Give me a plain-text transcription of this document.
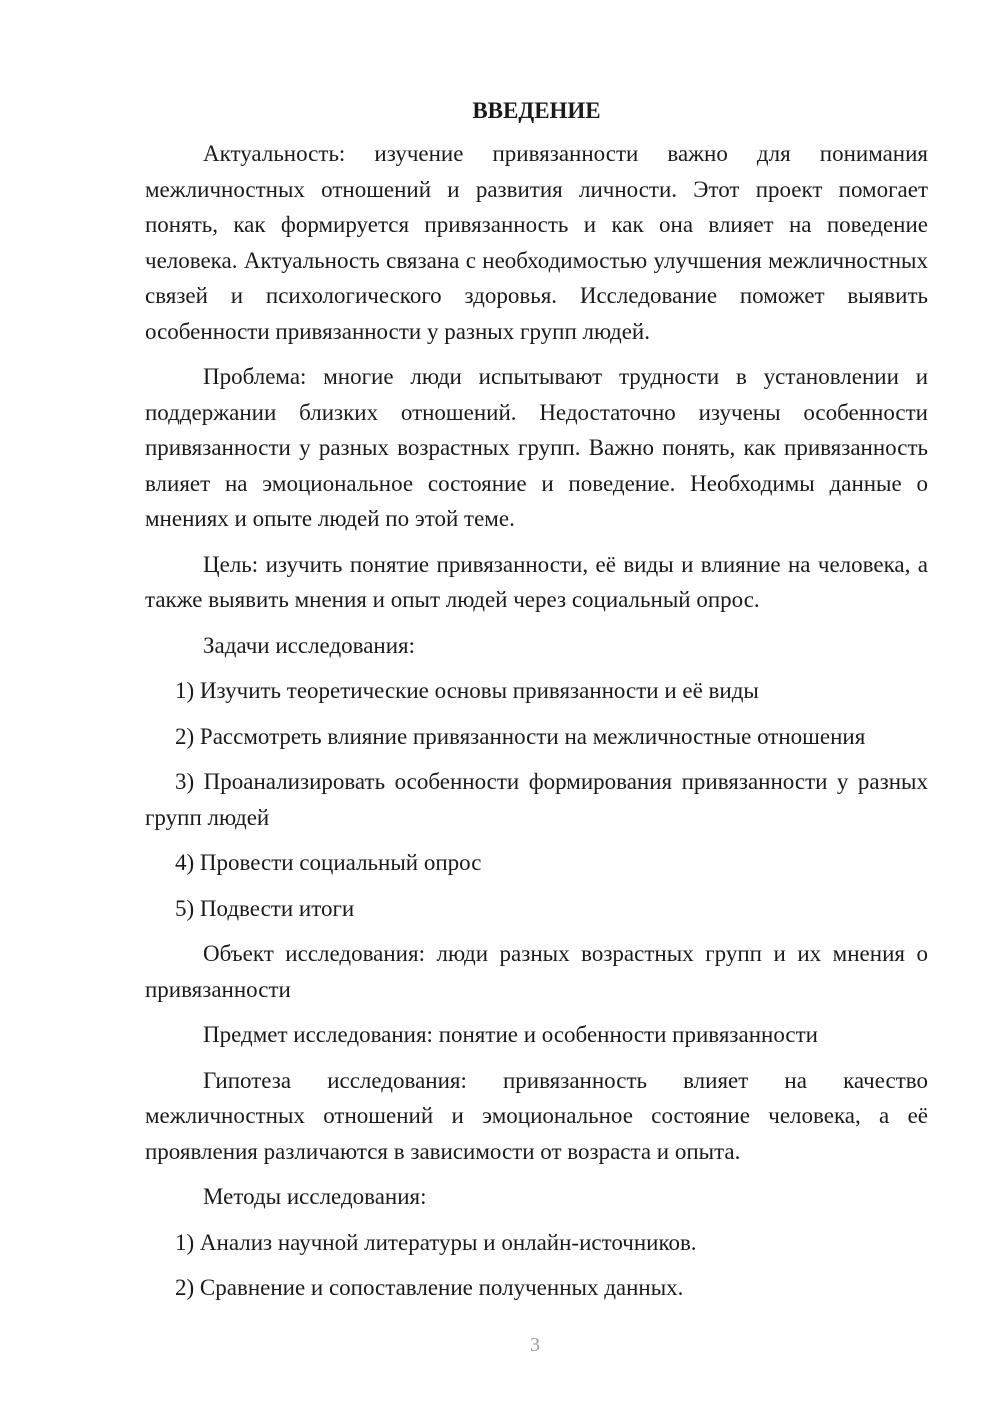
ВВЕДЕНИЕ

Актуальность: изучение привязанности важно для понимания межличностных отношений и развития личности. Этот проект помогает понять, как формируется привязанность и как она влияет на поведение человека. Актуальность связана с необходимостью улучшения межличностных связей и психологического здоровья. Исследование поможет выявить особенности привязанности у разных групп людей.

Проблема: многие люди испытывают трудности в установлении и поддержании близких отношений. Недостаточно изучены особенности привязанности у разных возрастных групп. Важно понять, как привязанность влияет на эмоциональное состояние и поведение. Необходимы данные о мнениях и опыте людей по этой теме.

Цель: изучить понятие привязанности, её виды и влияние на человека, а также выявить мнения и опыт людей через социальный опрос.

Задачи исследования:

1) Изучить теоретические основы привязанности и её виды

2) Рассмотреть влияние привязанности на межличностные отношения

3) Проанализировать особенности формирования привязанности у разных групп людей

4) Провести социальный опрос

5) Подвести итоги

Объект исследования: люди разных возрастных групп и их мнения о привязанности

Предмет исследования: понятие и особенности привязанности

Гипотеза исследования: привязанность влияет на качество межличностных отношений и эмоциональное состояние человека, а её проявления различаются в зависимости от возраста и опыта.

Методы исследования:

1) Анализ научной литературы и онлайн-источников.

2) Сравнение и сопоставление полученных данных.

3
